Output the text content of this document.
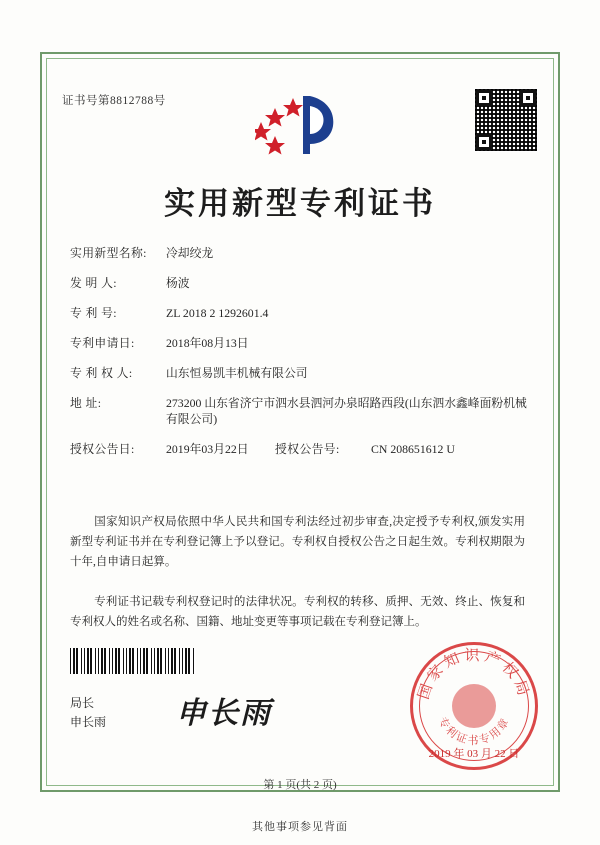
证书号第8812788号
实用新型专利证书
实用新型名称:	冷却绞龙
发 明 人:	杨波
专 利 号:	ZL 2018 2 1292601.4
专利申请日:	2018年08月13日
专 利 权 人:	山东恒易凯丰机械有限公司
地 址:	273200 山东省济宁市泗水县泗河办泉昭路西段(山东泗水鑫峰面粉机械有限公司)
授权公告日:	2019年03月22日	授权公告号:	CN 208651612 U
国家知识产权局依照中华人民共和国专利法经过初步审查,决定授予专利权,颁发实用新型专利证书并在专利登记簿上予以登记。专利权自授权公告之日起生效。专利权期限为十年,自申请日起算。
专利证书记载专利权登记时的法律状况。专利权的转移、质押、无效、终止、恢复和专利权人的姓名或名称、国籍、地址变更等事项记载在专利登记簿上。
局长
申长雨 申长雨
国家知识产权局
专利证书专用章
2019 年 03 月 22 日
第 1 页(共 2 页)
其他事项参见背面
